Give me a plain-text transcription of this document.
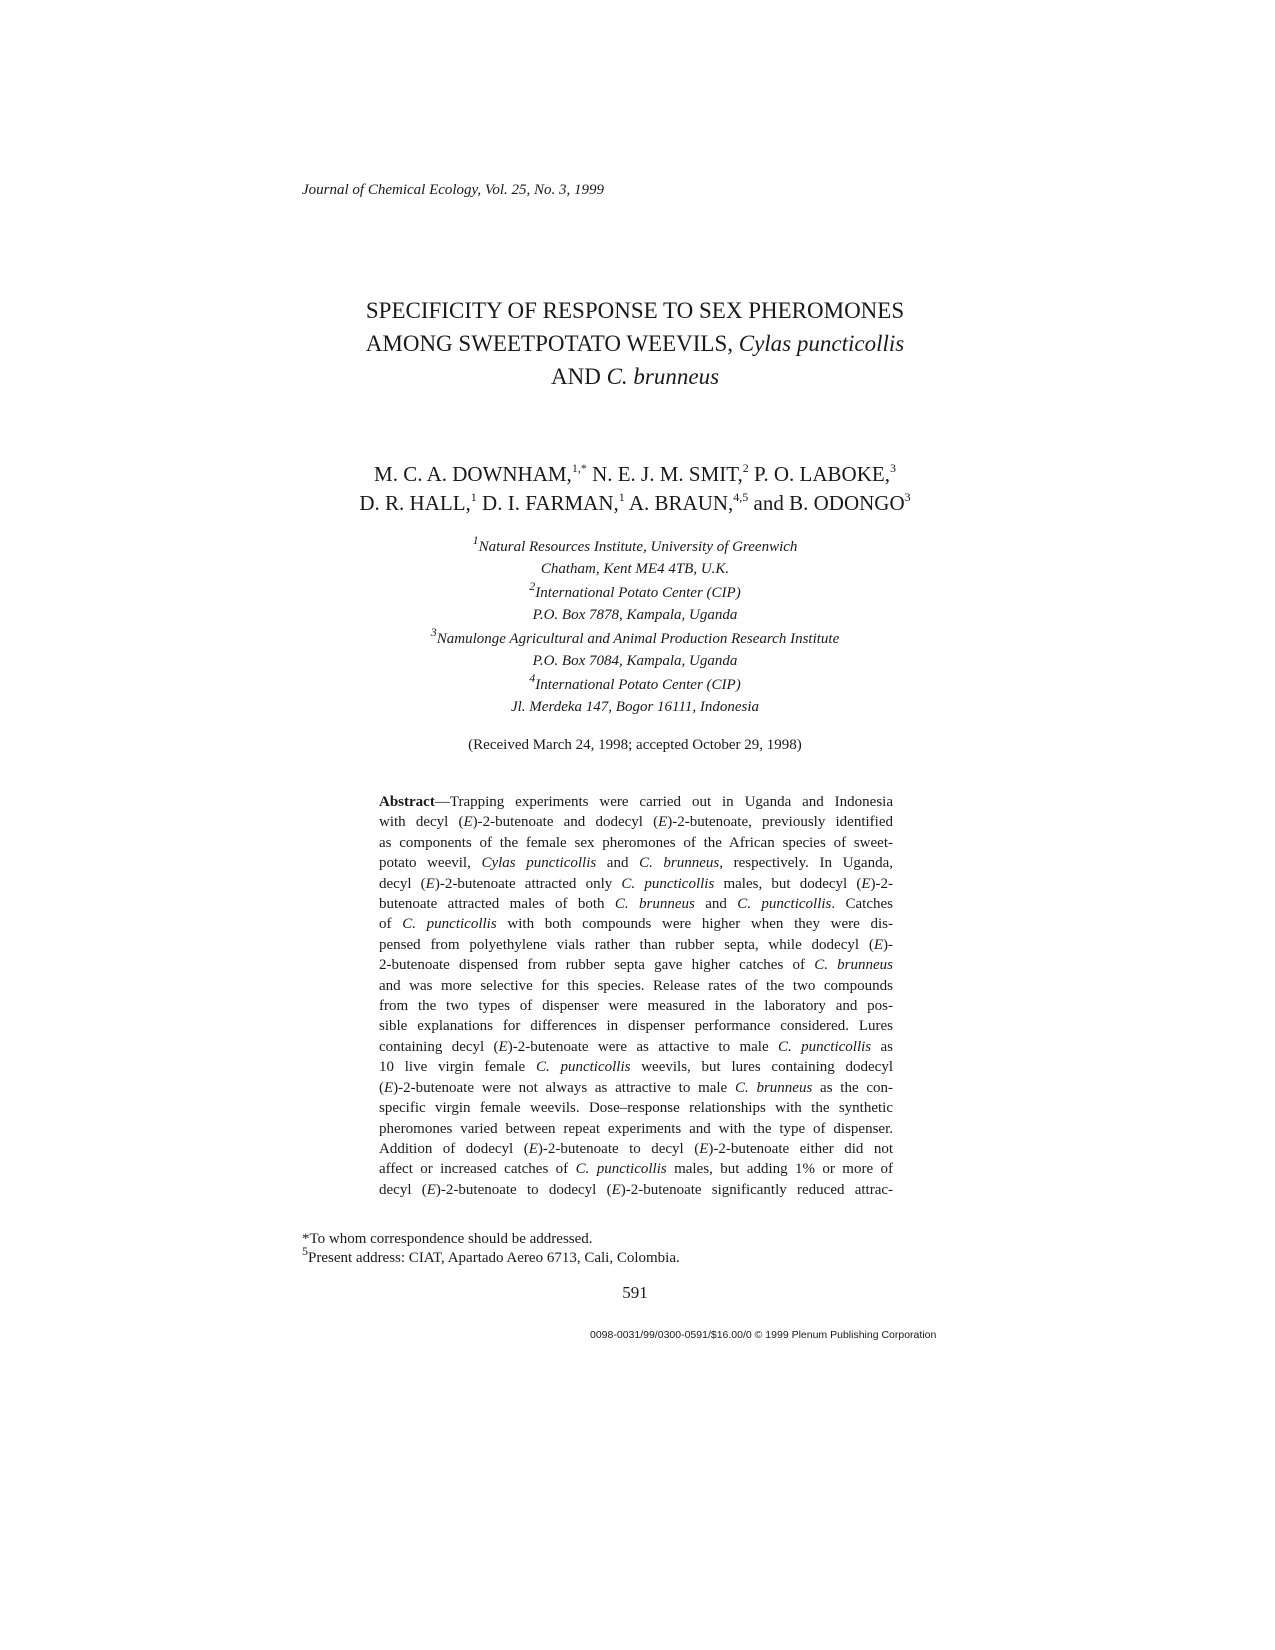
Journal of Chemical Ecology, Vol. 25, No. 3, 1999
SPECIFICITY OF RESPONSE TO SEX PHEROMONES
AMONG SWEETPOTATO WEEVILS, Cylas puncticollis
AND C. brunneus
M. C. A. DOWNHAM,$^{1,*}$ N. E. J. M. SMIT,$^2$ P. O. LABOKE,$^3$
D. R. HALL,$^1$ D. I. FARMAN,$^1$ A. BRAUN,$^{4,5}$ and B. ODONGO$^3$
$^1$Natural Resources Institute, University of Greenwich
Chatham, Kent ME4 4TB, U.K.
$^2$International Potato Center (CIP)
P.O. Box 7878, Kampala, Uganda
$^3$Namulonge Agricultural and Animal Production Research Institute
P.O. Box 7084, Kampala, Uganda
$^4$International Potato Center (CIP)
Jl. Merdeka 147, Bogor 16111, Indonesia
(Received March 24, 1998; accepted October 29, 1998)
Abstract—Trapping experiments were carried out in Uganda and Indonesia
with decyl (E)-2-butenoate and dodecyl (E)-2-butenoate, previously identified
as components of the female sex pheromones of the African species of sweet-
potato weevil, Cylas puncticollis and C. brunneus, respectively. In Uganda,
decyl (E)-2-butenoate attracted only C. puncticollis males, but dodecyl (E)-2-
butenoate attracted males of both C. brunneus and C. puncticollis. Catches
of C. puncticollis with both compounds were higher when they were dis-
pensed from polyethylene vials rather than rubber septa, while dodecyl (E)-
2-butenoate dispensed from rubber septa gave higher catches of C. brunneus
and was more selective for this species. Release rates of the two compounds
from the two types of dispenser were measured in the laboratory and pos-
sible explanations for differences in dispenser performance considered. Lures
containing decyl (E)-2-butenoate were as attactive to male C. puncticollis as
10 live virgin female C. puncticollis weevils, but lures containing dodecyl
(E)-2-butenoate were not always as attractive to male C. brunneus as the con-
specific virgin female weevils. Dose–response relationships with the synthetic
pheromones varied between repeat experiments and with the type of dispenser.
Addition of dodecyl (E)-2-butenoate to decyl (E)-2-butenoate either did not
affect or increased catches of C. puncticollis males, but adding 1% or more of
decyl (E)-2-butenoate to dodecyl (E)-2-butenoate significantly reduced attrac-
*To whom correspondence should be addressed.
$^5$Present address: CIAT, Apartado Aereo 6713, Cali, Colombia.
591
0098-0031/99/0300-0591/$16.00/0 © 1999 Plenum Publishing Corporation
